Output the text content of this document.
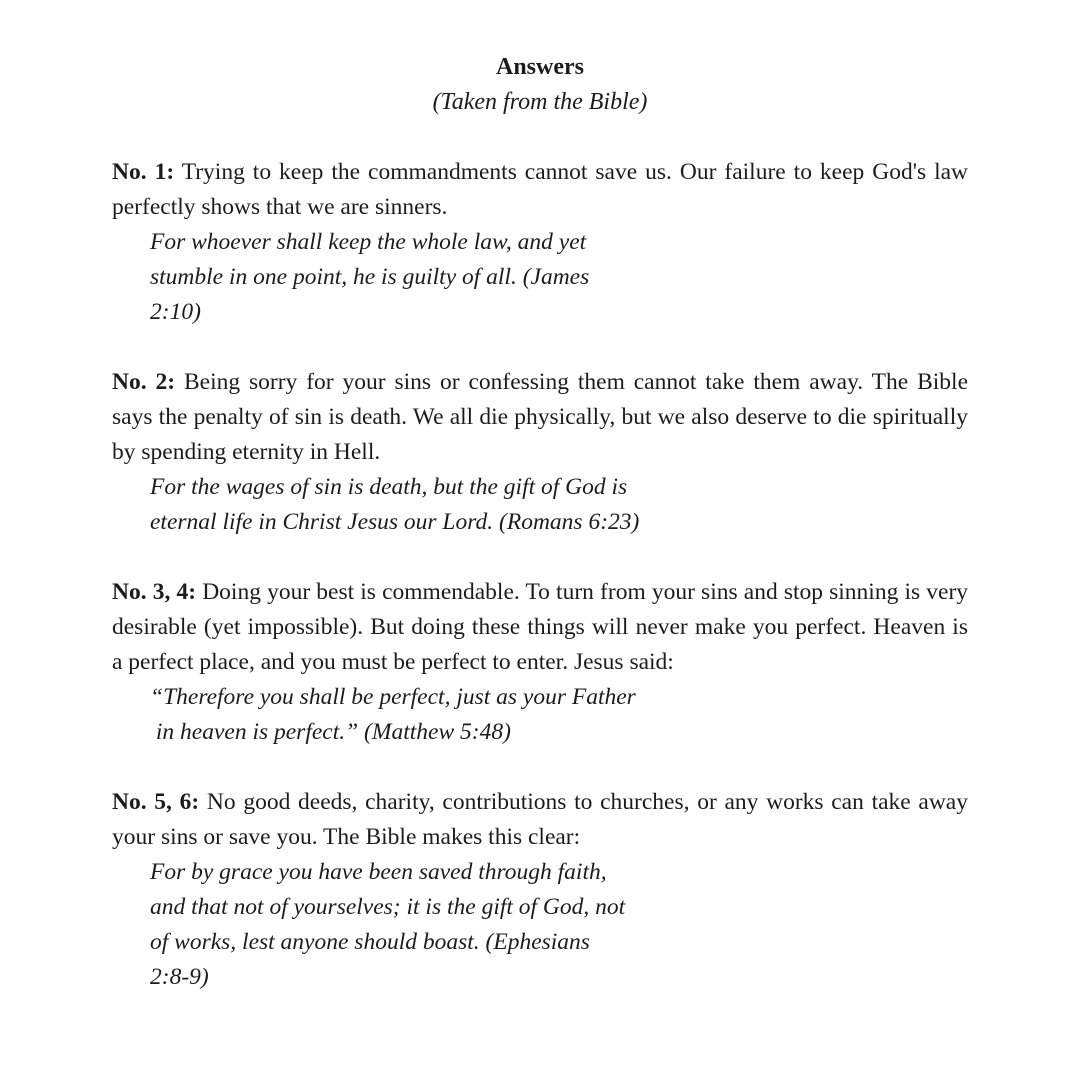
Answers
(Taken from the Bible)

No. 1: Trying to keep the commandments cannot save us. Our failure to keep God's law perfectly shows that we are sinners.

For whoever shall keep the whole law, and yet
stumble in one point, he is guilty of all. (James
2:10)

No. 2: Being sorry for your sins or confessing them cannot take them away. The Bible says the penalty of sin is death. We all die physically, but we also deserve to die spiritually by spending eternity in Hell.

For the wages of sin is death, but the gift of God is
eternal life in Christ Jesus our Lord. (Romans 6:23)

No. 3, 4: Doing your best is commendable. To turn from your sins and stop sinning is very desirable (yet impossible). But doing these things will never make you perfect. Heaven is a perfect place, and you must be perfect to enter. Jesus said:

“Therefore you shall be perfect, just as your Father
in heaven is perfect.” (Matthew 5:48)

No. 5, 6: No good deeds, charity, contributions to churches, or any works can take away your sins or save you. The Bible makes this clear:

For by grace you have been saved through faith,
and that not of yourselves; it is the gift of God, not
of works, lest anyone should boast. (Ephesians
2:8-9)
